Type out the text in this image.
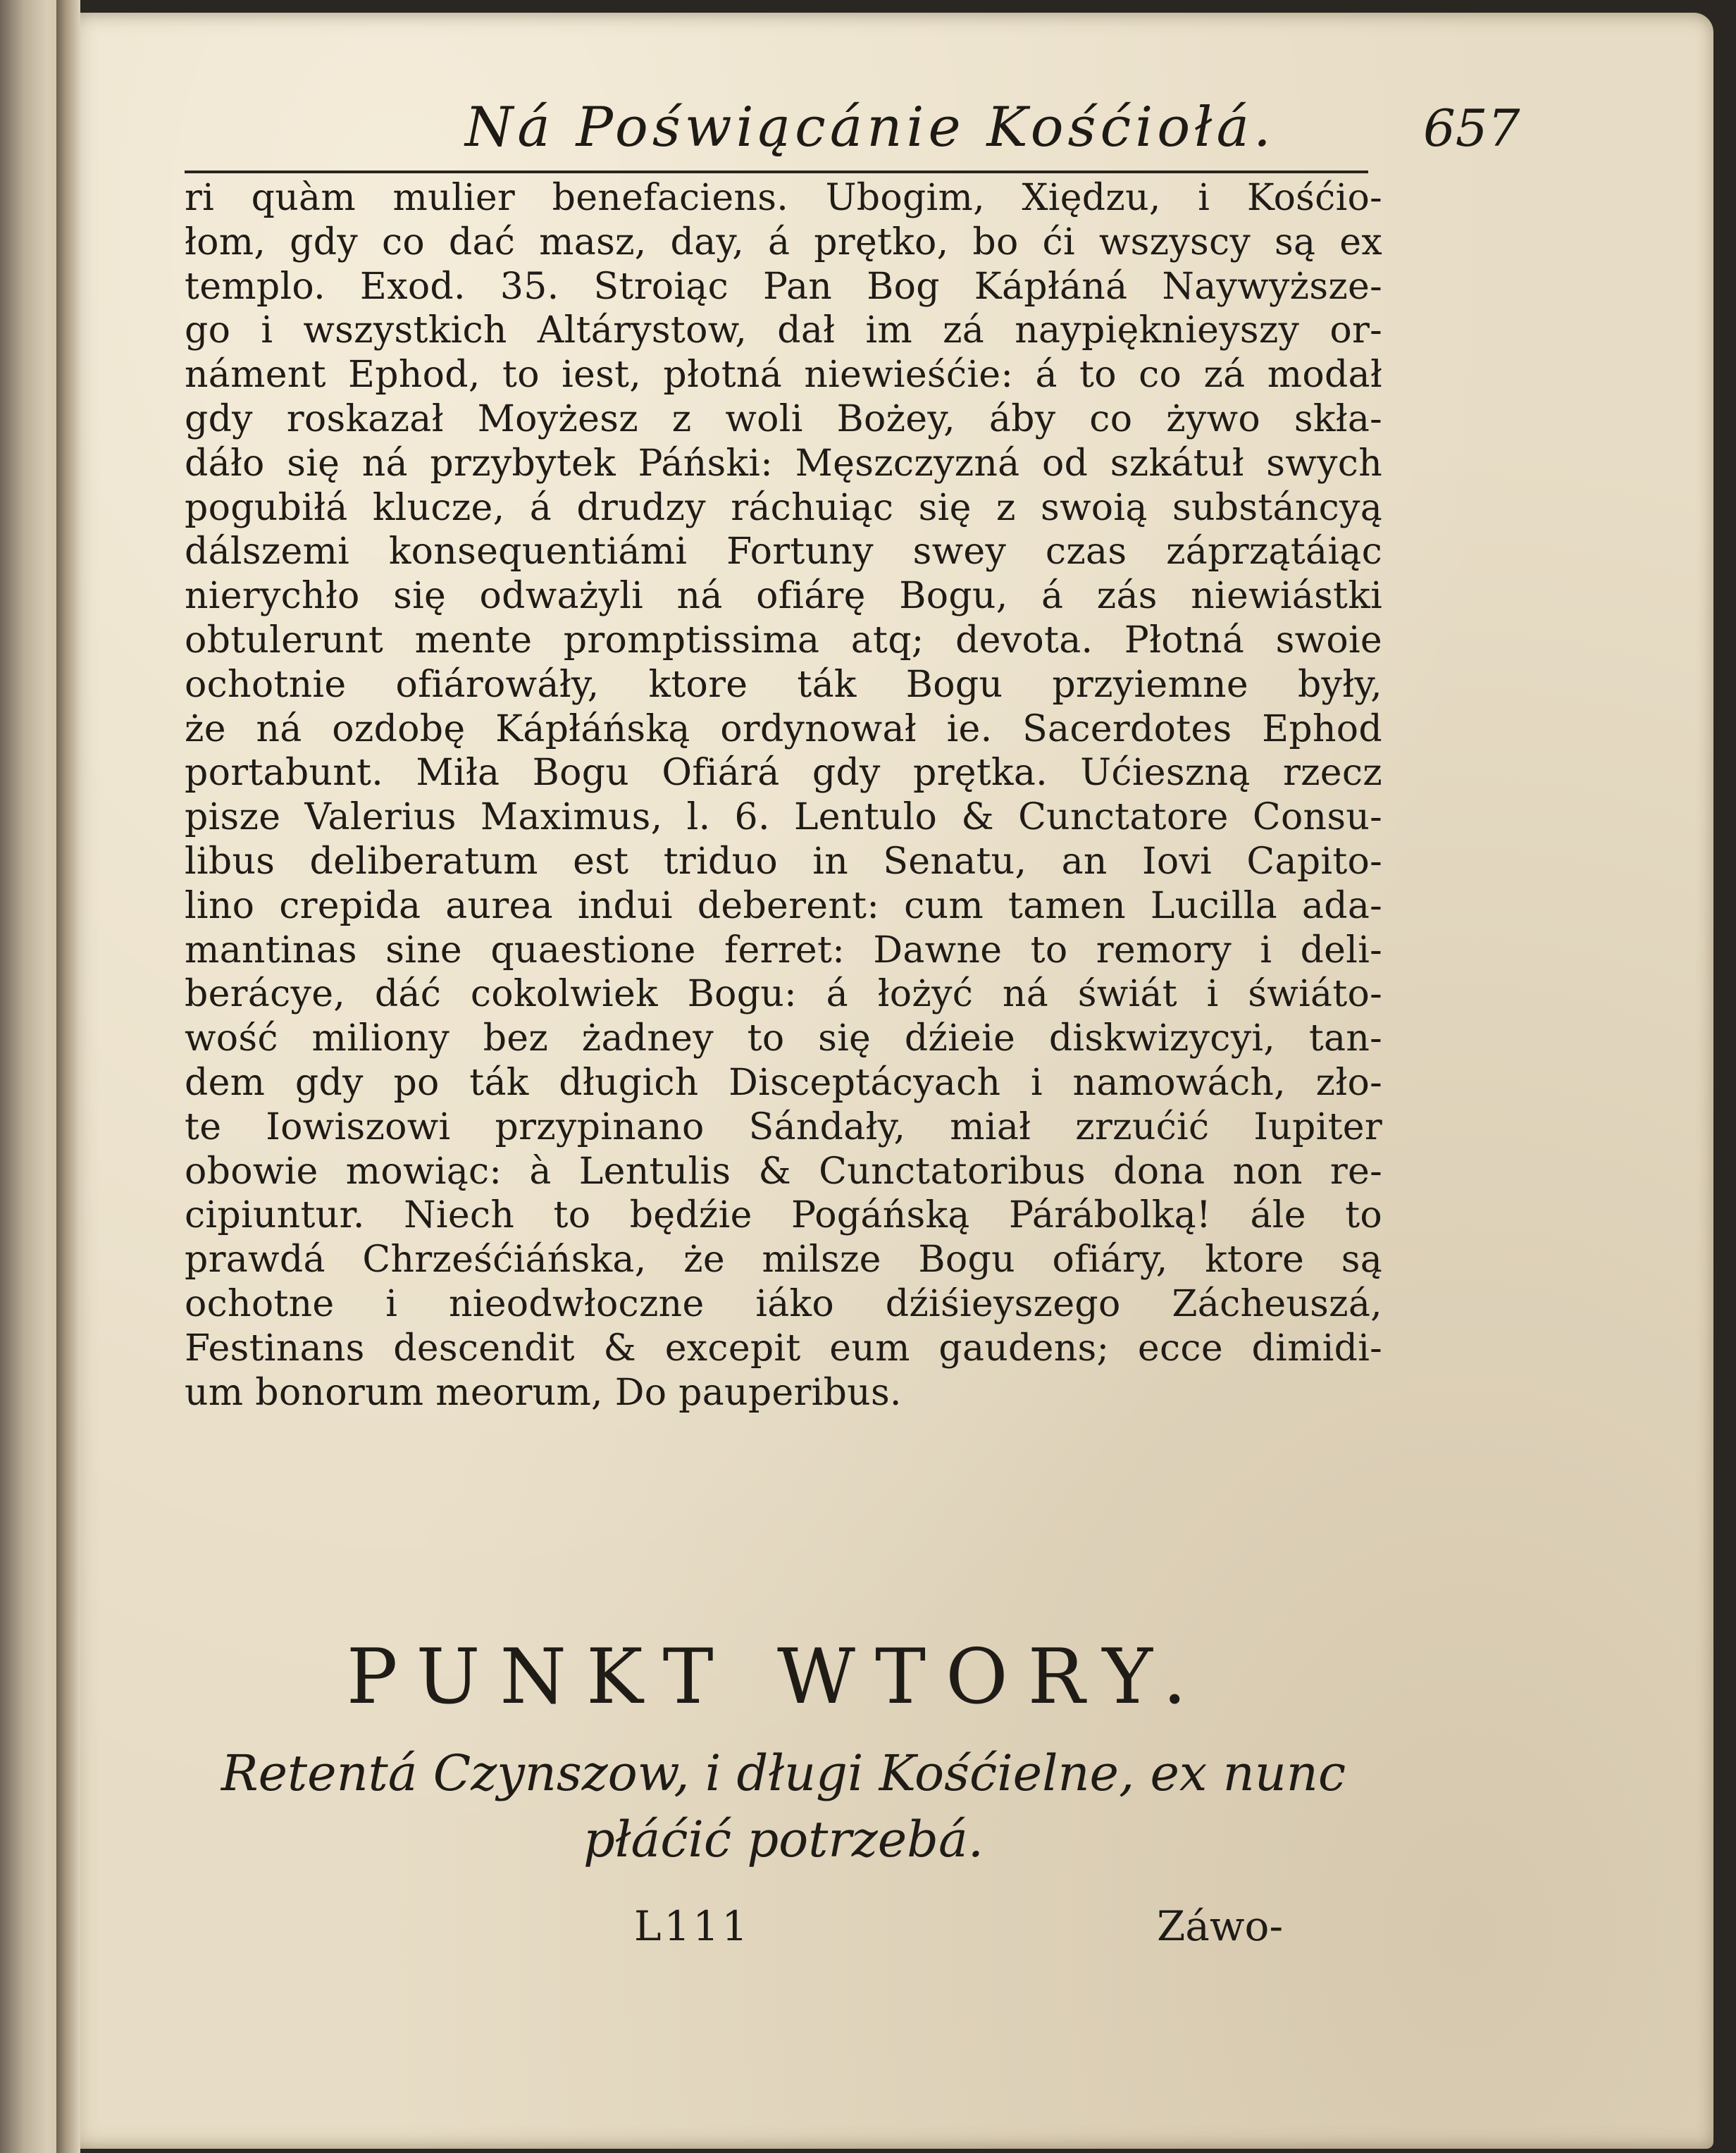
Ná Poświącánie Kośćiołá.	657
ri quàm mulier benefaciens. Ubogim, Xiędzu, i Kośćio-
łom, gdy co dać masz, day, á prętko, bo ći wszyscy są ex
templo. Exod. 35. Stroiąc Pan Bog Kápłáná Naywyższe-
go i wszystkich Altárystow, dał im zá naypięknieyszy or-
náment Ephod, to iest, płotná niewieśćie: á to co zá modał
gdy roskazał Moyżesz z woli Bożey, áby co żywo skła-
dáło się ná przybytek Páński: Męszczyzná od szkátuł swych
pogubiłá klucze, á drudzy ráchuiąc się z swoią substáncyą
dálszemi konsequentiámi Fortuny swey czas záprzątáiąc
nierychło się odważyli ná ofiárę Bogu, á zás niewiástki
obtulerunt mente promptissima atq; devota. Płotná swoie
ochotnie ofiárowáły, ktore ták Bogu przyiemne były,
że ná ozdobę Kápłáńską ordynował ie. Sacerdotes Ephod
portabunt. Miła Bogu Ofiárá gdy prętka. Ućieszną rzecz
pisze Valerius Maximus, l. 6. Lentulo & Cunctatore Consu-
libus deliberatum est triduo in Senatu, an Iovi Capito-
lino crepida aurea indui deberent: cum tamen Lucilla ada-
mantinas sine quaestione ferret: Dawne to remory i deli-
berácye, dáć cokolwiek Bogu: á łożyć ná świát i świáto-
wość miliony bez żadney to się dźieie diskwizycyi, tan-
dem gdy po ták długich Disceptácyach i namowách, zło-
te Iowiszowi przypinano Sándały, miał zrzućić Iupiter
obowie mowiąc: à Lentulis & Cunctatoribus dona non re-
cipiuntur. Niech to będźie Pogáńską Párábolką! ále to
prawdá Chrześćiáńska, że milsze Bogu ofiáry, ktore są
ochotne i nieodwłoczne iáko dźiśieyszego Zácheuszá,
Festinans descendit & excepit eum gaudens; ecce dimidi-
um bonorum meorum, Do pauperibus.
PUNKT WTORY.
Retentá Czynszow, i długi Kośćielne, ex nunc
płáćić potrzebá.
L111	Záwo-
